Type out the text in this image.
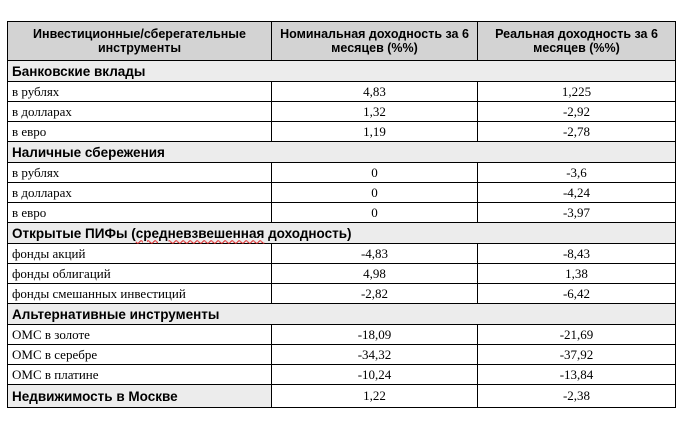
Инвестиционные/сберегательные инструменты	Номинальная доходность за 6 месяцев (%%)	Реальная доходность за 6 месяцев (%%)
Банковские вклады		
в рублях	4,83	1,225
в долларах	1,32	-2,92
в евро	1,19	-2,78
Наличные сбережения		
в рублях	0	-3,6
в долларах	0	-4,24
в евро	0	-3,97
Открытые ПИФы (средневзвешенная доходность)		
фонды акций	-4,83	-8,43
фонды облигаций	4,98	1,38
фонды смешанных инвестиций	-2,82	-6,42
Альтернативные инструменты		
ОМС в золоте	-18,09	-21,69
ОМС в серебре	-34,32	-37,92
ОМС в платине	-10,24	-13,84
Недвижимость в Москве	1,22	-2,38
